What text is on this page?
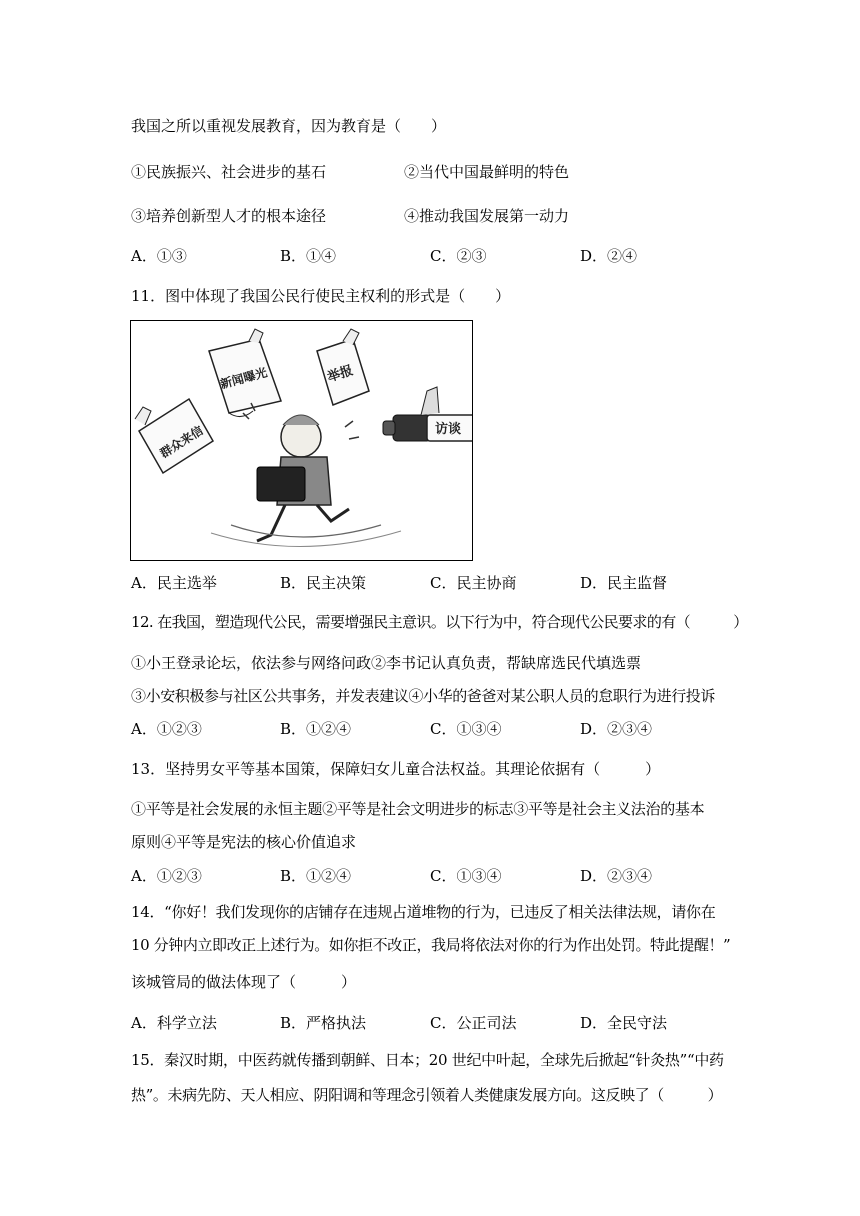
我国之所以重视发展教育，因为教育是（　　）
①民族振兴、社会进步的基石	②当代中国最鲜明的特色
③培养创新型人才的根本途径	④推动我国发展第一动力
A．①③	B．①④	C．②③	D．②④
11．图中体现了我国公民行使民主权利的形式是（　　）
新闻曝光	举报
群众来信	访谈
A．民主选举	B．民主决策	C．民主协商	D．民主监督
12. 在我国，塑造现代公民，需要增强民主意识。以下行为中，符合现代公民要求的有（　　　）
①小王登录论坛，依法参与网络问政②李书记认真负责，帮缺席选民代填选票
③小安积极参与社区公共事务，并发表建议④小华的爸爸对某公职人员的怠职行为进行投诉
A．①②③	B．①②④	C．①③④	D．②③④
13．坚持男女平等基本国策，保障妇女儿童合法权益。其理论依据有（　　　）
①平等是社会发展的永恒主题②平等是社会文明进步的标志③平等是社会主义法治的基本
原则④平等是宪法的核心价值追求
A．①②③	B．①②④	C．①③④	D．②③④
14．“你好！我们发现你的店铺存在违规占道堆物的行为，已违反了相关法律法规，请你在
10 分钟内立即改正上述行为。如你拒不改正，我局将依法对你的行为作出处罚。特此提醒！”
该城管局的做法体现了（　　　）
A．科学立法	B．严格执法	C．公正司法	D．全民守法
15．秦汉时期，中医药就传播到朝鲜、日本；20 世纪中叶起，全球先后掀起“针灸热”“中药
热”。未病先防、天人相应、阴阳调和等理念引领着人类健康发展方向。这反映了（　　　）
